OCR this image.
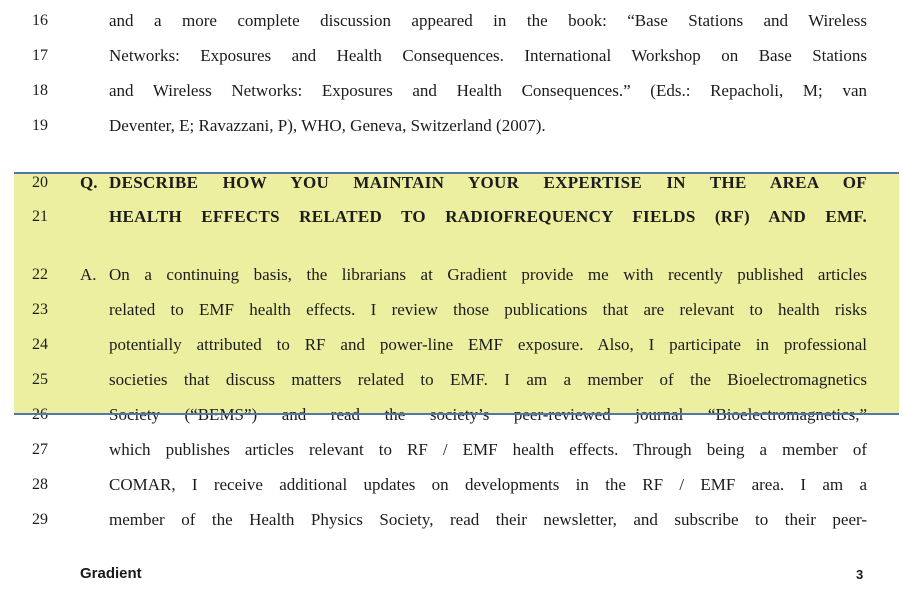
16	and a more complete discussion appeared in the book: “Base Stations and Wireless
17	Networks: Exposures and Health Consequences. International Workshop on Base Stations
18	and Wireless Networks: Exposures and Health Consequences.” (Eds.: Repacholi, M; van
19	Deventer, E; Ravazzani, P), WHO, Geneva, Switzerland (2007).
20	Q. DESCRIBE HOW YOU MAINTAIN YOUR EXPERTISE IN THE AREA OF
21	HEALTH EFFECTS RELATED TO RADIOFREQUENCY FIELDS (RF) AND EMF.
22	A. On a continuing basis, the librarians at Gradient provide me with recently published articles
23	related to EMF health effects. I review those publications that are relevant to health risks
24	potentially attributed to RF and power-line EMF exposure. Also, I participate in professional
25	societies that discuss matters related to EMF. I am a member of the Bioelectromagnetics
27	which publishes articles relevant to RF / EMF health effects. Through being a member of
28	COMAR, I receive additional updates on developments in the RF / EMF area. I am a
29	member of the Health Physics Society, read their newsletter, and subscribe to their peer-
Gradient	3
